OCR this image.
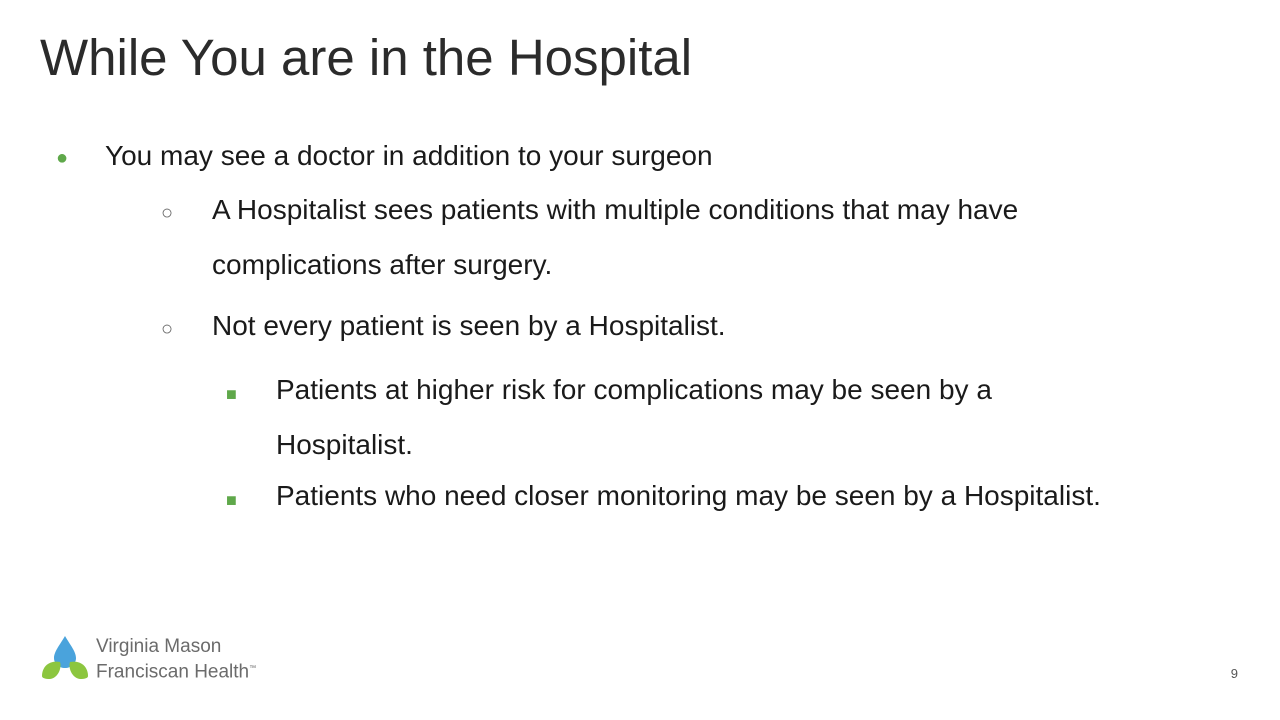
While You are in the Hospital
● You may see a doctor in addition to your surgeon
○ A Hospitalist sees patients with multiple conditions that may have
complications after surgery.
○ Not every patient is seen by a Hospitalist.
■ Patients at higher risk for complications may be seen by a
Hospitalist.
■ Patients who need closer monitoring may be seen by a Hospitalist.
Virginia Mason
Franciscan Health™	9
